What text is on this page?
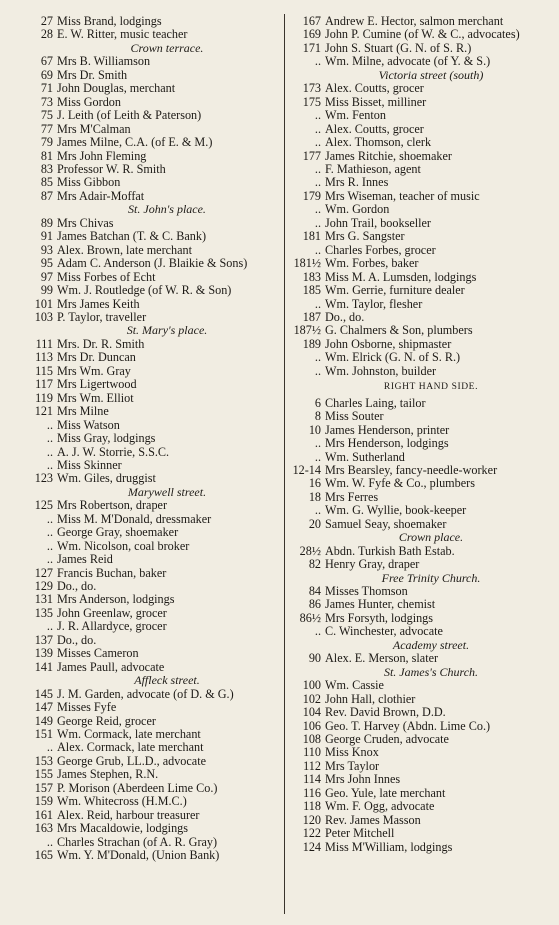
27 Miss Brand, lodgings
28 E. W. Ritter, music teacher
Crown terrace.
67 Mrs B. Williamson
69 Mrs Dr. Smith
71 John Douglas, merchant
73 Miss Gordon
75 J. Leith (of Leith & Paterson)
77 Mrs M'Calman
79 James Milne, C.A. (of E. & M.)
81 Mrs John Fleming
83 Professor W. R. Smith
85 Miss Gibbon
87 Mrs Adair-Moffat
St. John's place.
89 Mrs Chivas
91 James Batchan (T. & C. Bank)
93 Alex. Brown, late merchant
95 Adam C. Anderson (J. Blaikie & Sons)
97 Miss Forbes of Echt
99 Wm. J. Routledge (of W. R. & Son)
101 Mrs James Keith
103 P. Taylor, traveller
St. Mary's place.
111 Mrs. Dr. R. Smith
113 Mrs Dr. Duncan
115 Mrs Wm. Gray
117 Mrs Ligertwood
119 Mrs Wm. Elliot
121 Mrs Milne
.. Miss Watson
.. Miss Gray, lodgings
.. A. J. W. Storrie, S.S.C.
.. Miss Skinner
123 Wm. Giles, druggist
Marywell street.
125 Mrs Robertson, draper
.. Miss M. M'Donald, dressmaker
.. George Gray, shoemaker
.. Wm. Nicolson, coal broker
.. James Reid
127 Francis Buchan, baker
129 Do., do.
131 Mrs Anderson, lodgings
135 John Greenlaw, grocer
.. J. R. Allardyce, grocer
137 Do., do.
139 Misses Cameron
141 James Paull, advocate
Affleck street.
145 J. M. Garden, advocate (of D. & G.)
147 Misses Fyfe
149 George Reid, grocer
151 Wm. Cormack, late merchant
.. Alex. Cormack, late merchant
153 George Grub, LL.D., advocate
155 James Stephen, R.N.
157 P. Morison (Aberdeen Lime Co.)
159 Wm. Whitecross (H.M.C.)
161 Alex. Reid, harbour treasurer
163 Mrs Macaldowie, lodgings
.. Charles Strachan (of A. R. Gray)
165 Wm. Y. M'Donald, (Union Bank)
167 Andrew E. Hector, salmon merchant
169 John P. Cumine (of W. & C., advocates)
171 John S. Stuart (G. N. of S. R.)
.. Wm. Milne, advocate (of Y. & S.)
Victoria street (south)
173 Alex. Coutts, grocer
175 Miss Bisset, milliner
.. Wm. Fenton
.. Alex. Coutts, grocer
.. Alex. Thomson, clerk
177 James Ritchie, shoemaker
.. F. Mathieson, agent
.. Mrs R. Innes
179 Mrs Wiseman, teacher of music
.. Wm. Gordon
.. John Trail, bookseller
181 Mrs G. Sangster
.. Charles Forbes, grocer
181½ Wm. Forbes, baker
183 Miss M. A. Lumsden, lodgings
185 Wm. Gerrie, furniture dealer
.. Wm. Taylor, flesher
187 Do., do.
187½ G. Chalmers & Son, plumbers
189 John Osborne, shipmaster
.. Wm. Elrick (G. N. of S. R.)
.. Wm. Johnston, builder
RIGHT HAND SIDE.
6 Charles Laing, tailor
8 Miss Souter
10 James Henderson, printer
.. Mrs Henderson, lodgings
.. Wm. Sutherland
12-14 Mrs Bearsley, fancy-needle-worker
16 Wm. W. Fyfe & Co., plumbers
18 Mrs Ferres
.. Wm. G. Wyllie, book-keeper
20 Samuel Seay, shoemaker
Crown place.
28½ Abdn. Turkish Bath Estab.
82 Henry Gray, draper
Free Trinity Church.
84 Misses Thomson
86 James Hunter, chemist
86½ Mrs Forsyth, lodgings
.. C. Winchester, advocate
Academy street.
90 Alex. E. Merson, slater
St. James's Church.
100 Wm. Cassie
102 John Hall, clothier
104 Rev. David Brown, D.D.
106 Geo. T. Harvey (Abdn. Lime Co.)
108 George Cruden, advocate
110 Miss Knox
112 Mrs Taylor
114 Mrs John Innes
116 Geo. Yule, late merchant
118 Wm. F. Ogg, advocate
120 Rev. James Masson
122 Peter Mitchell
124 Miss M'William, lodgings
